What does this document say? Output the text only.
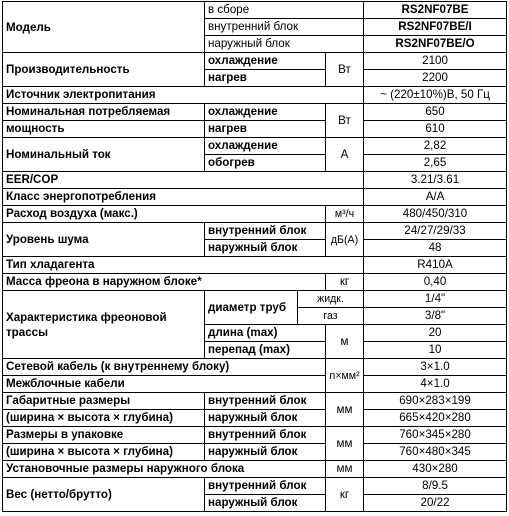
Модель	в сборе			RS2NF07BE
	внутренний блок			RS2NF07BE/I
	наружный блок			RS2NF07BE/O
Производительность	охлаждение		Вт	2100
	нагрев			2200
Источник электропитания				~ (220±10%)В, 50 Гц
Номинальная потребляемая	охлаждение		Вт	650
мощность	нагрев			610
Номинальный ток	охлаждение		А	2,82
	обогрев			2,65
EER/COP				3.21/3.61
Класс энергопотребления				A/A
Расход воздуха (макс.)			м³/ч	480/450/310
Уровень шума	внутренний блок		дБ(А)	24/27/29/33
	наружный блок			48
Тип хладагента				R410A
Масса фреона в наружном блоке*			кг	0,40
Характеристика фреоновой трассы	диаметр труб	жидк.		1/4"
		газ		3/8"
	длина (max)		м	20
	перепад (max)			10
Сетевой кабель (к внутреннему блоку)			n×мм²	3×1.0
Межблочные кабели				4×1.0
Габаритные размеры	внутренний блок		мм	690×283×199
(ширина × высота × глубина)	наружный блок			665×420×280
Размеры в упаковке	внутренний блок		мм	760×345×280
(ширина × высота × глубина)	наружный блок			760×480×345
Установочные размеры наружного блока			мм	430×280
Вес (нетто/брутто)	внутренний блок		кг	8/9.5
	наружный блок			20/22
